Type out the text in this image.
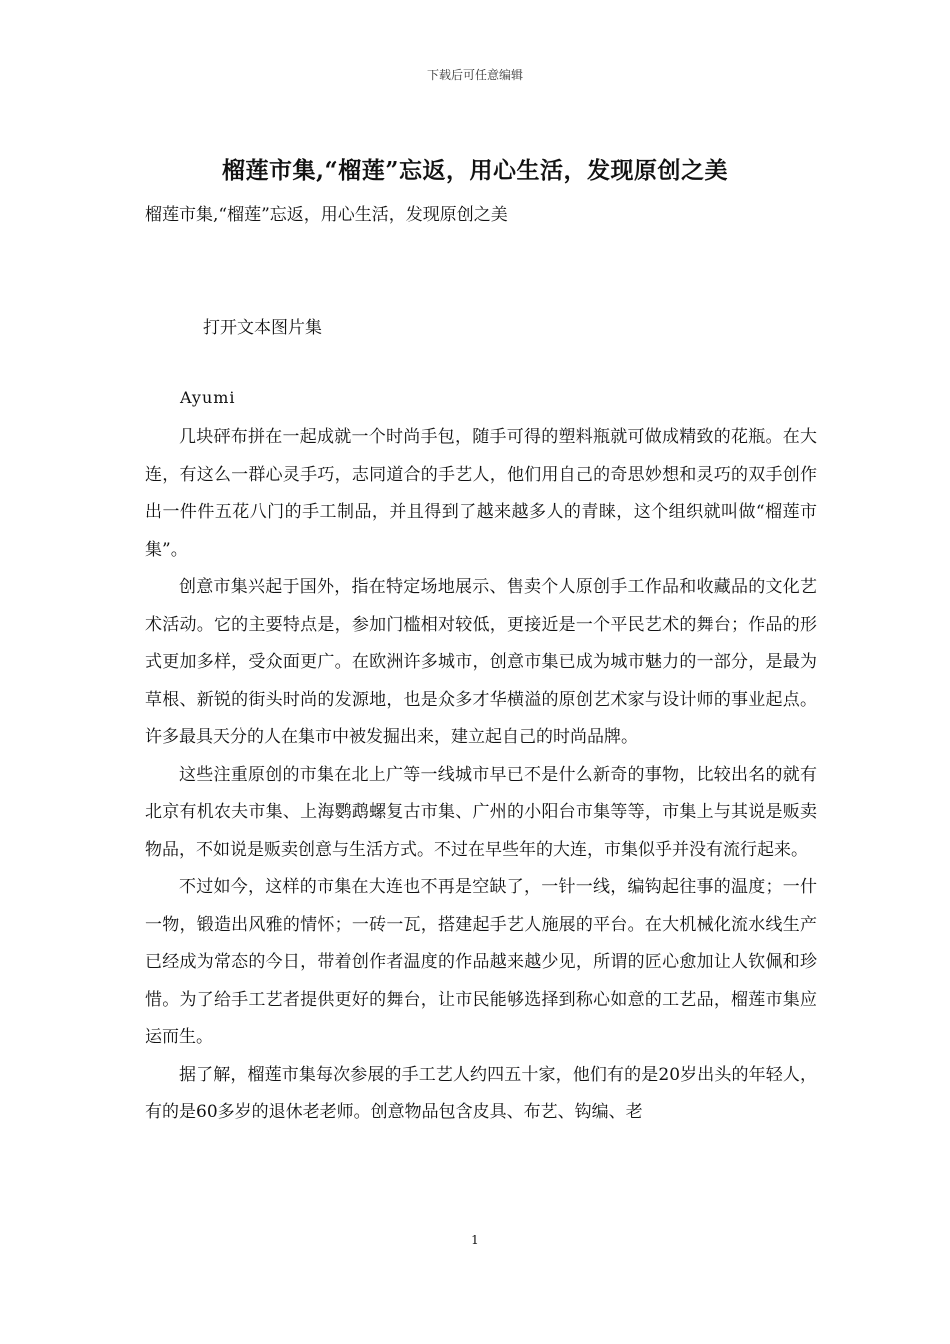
下载后可任意编辑
榴莲市集,“榴莲”忘返，用心生活，发现原创之美
榴莲市集,“榴莲”忘返，用心生活，发现原创之美
打开文本图片集
Ayumi

几块砰布拼在一起成就一个时尚手包，随手可得的塑料瓶就可做成精致的花瓶。在大连，有这么一群心灵手巧，志同道合的手艺人，他们用自己的奇思妙想和灵巧的双手创作出一件件五花八门的手工制品，并且得到了越来越多人的青睐，这个组织就叫做“榴莲市集”。

创意市集兴起于国外，指在特定场地展示、售卖个人原创手工作品和收藏品的文化艺术活动。它的主要特点是，参加门槛相对较低，更接近是一个平民艺术的舞台；作品的形式更加多样，受众面更广。在欧洲许多城市，创意市集已成为城市魅力的一部分，是最为草根、新锐的街头时尚的发源地，也是众多才华横溢的原创艺术家与设计师的事业起点。许多最具天分的人在集市中被发掘出来，建立起自己的时尚品牌。

这些注重原创的市集在北上广等一线城市早已不是什么新奇的事物，比较出名的就有北京有机农夫市集、上海鹦鹉螺复古市集、广州的小阳台市集等等，市集上与其说是贩卖物品，不如说是贩卖创意与生活方式。不过在早些年的大连，市集似乎并没有流行起来。

不过如今，这样的市集在大连也不再是空缺了，一针一线，编钩起往事的温度；一什一物，锻造出风雅的情怀；一砖一瓦，搭建起手艺人施展的平台。在大机械化流水线生产已经成为常态的今日，带着创作者温度的作品越来越少见，所谓的匠心愈加让人钦佩和珍惜。为了给手工艺者提供更好的舞台，让市民能够选择到称心如意的工艺品，榴莲市集应运而生。

据了解，榴莲市集每次参展的手工艺人约四五十家，他们有的是20岁出头的年轻人，有的是60多岁的退休老老师。创意物品包含皮具、布艺、钩编、老

1
